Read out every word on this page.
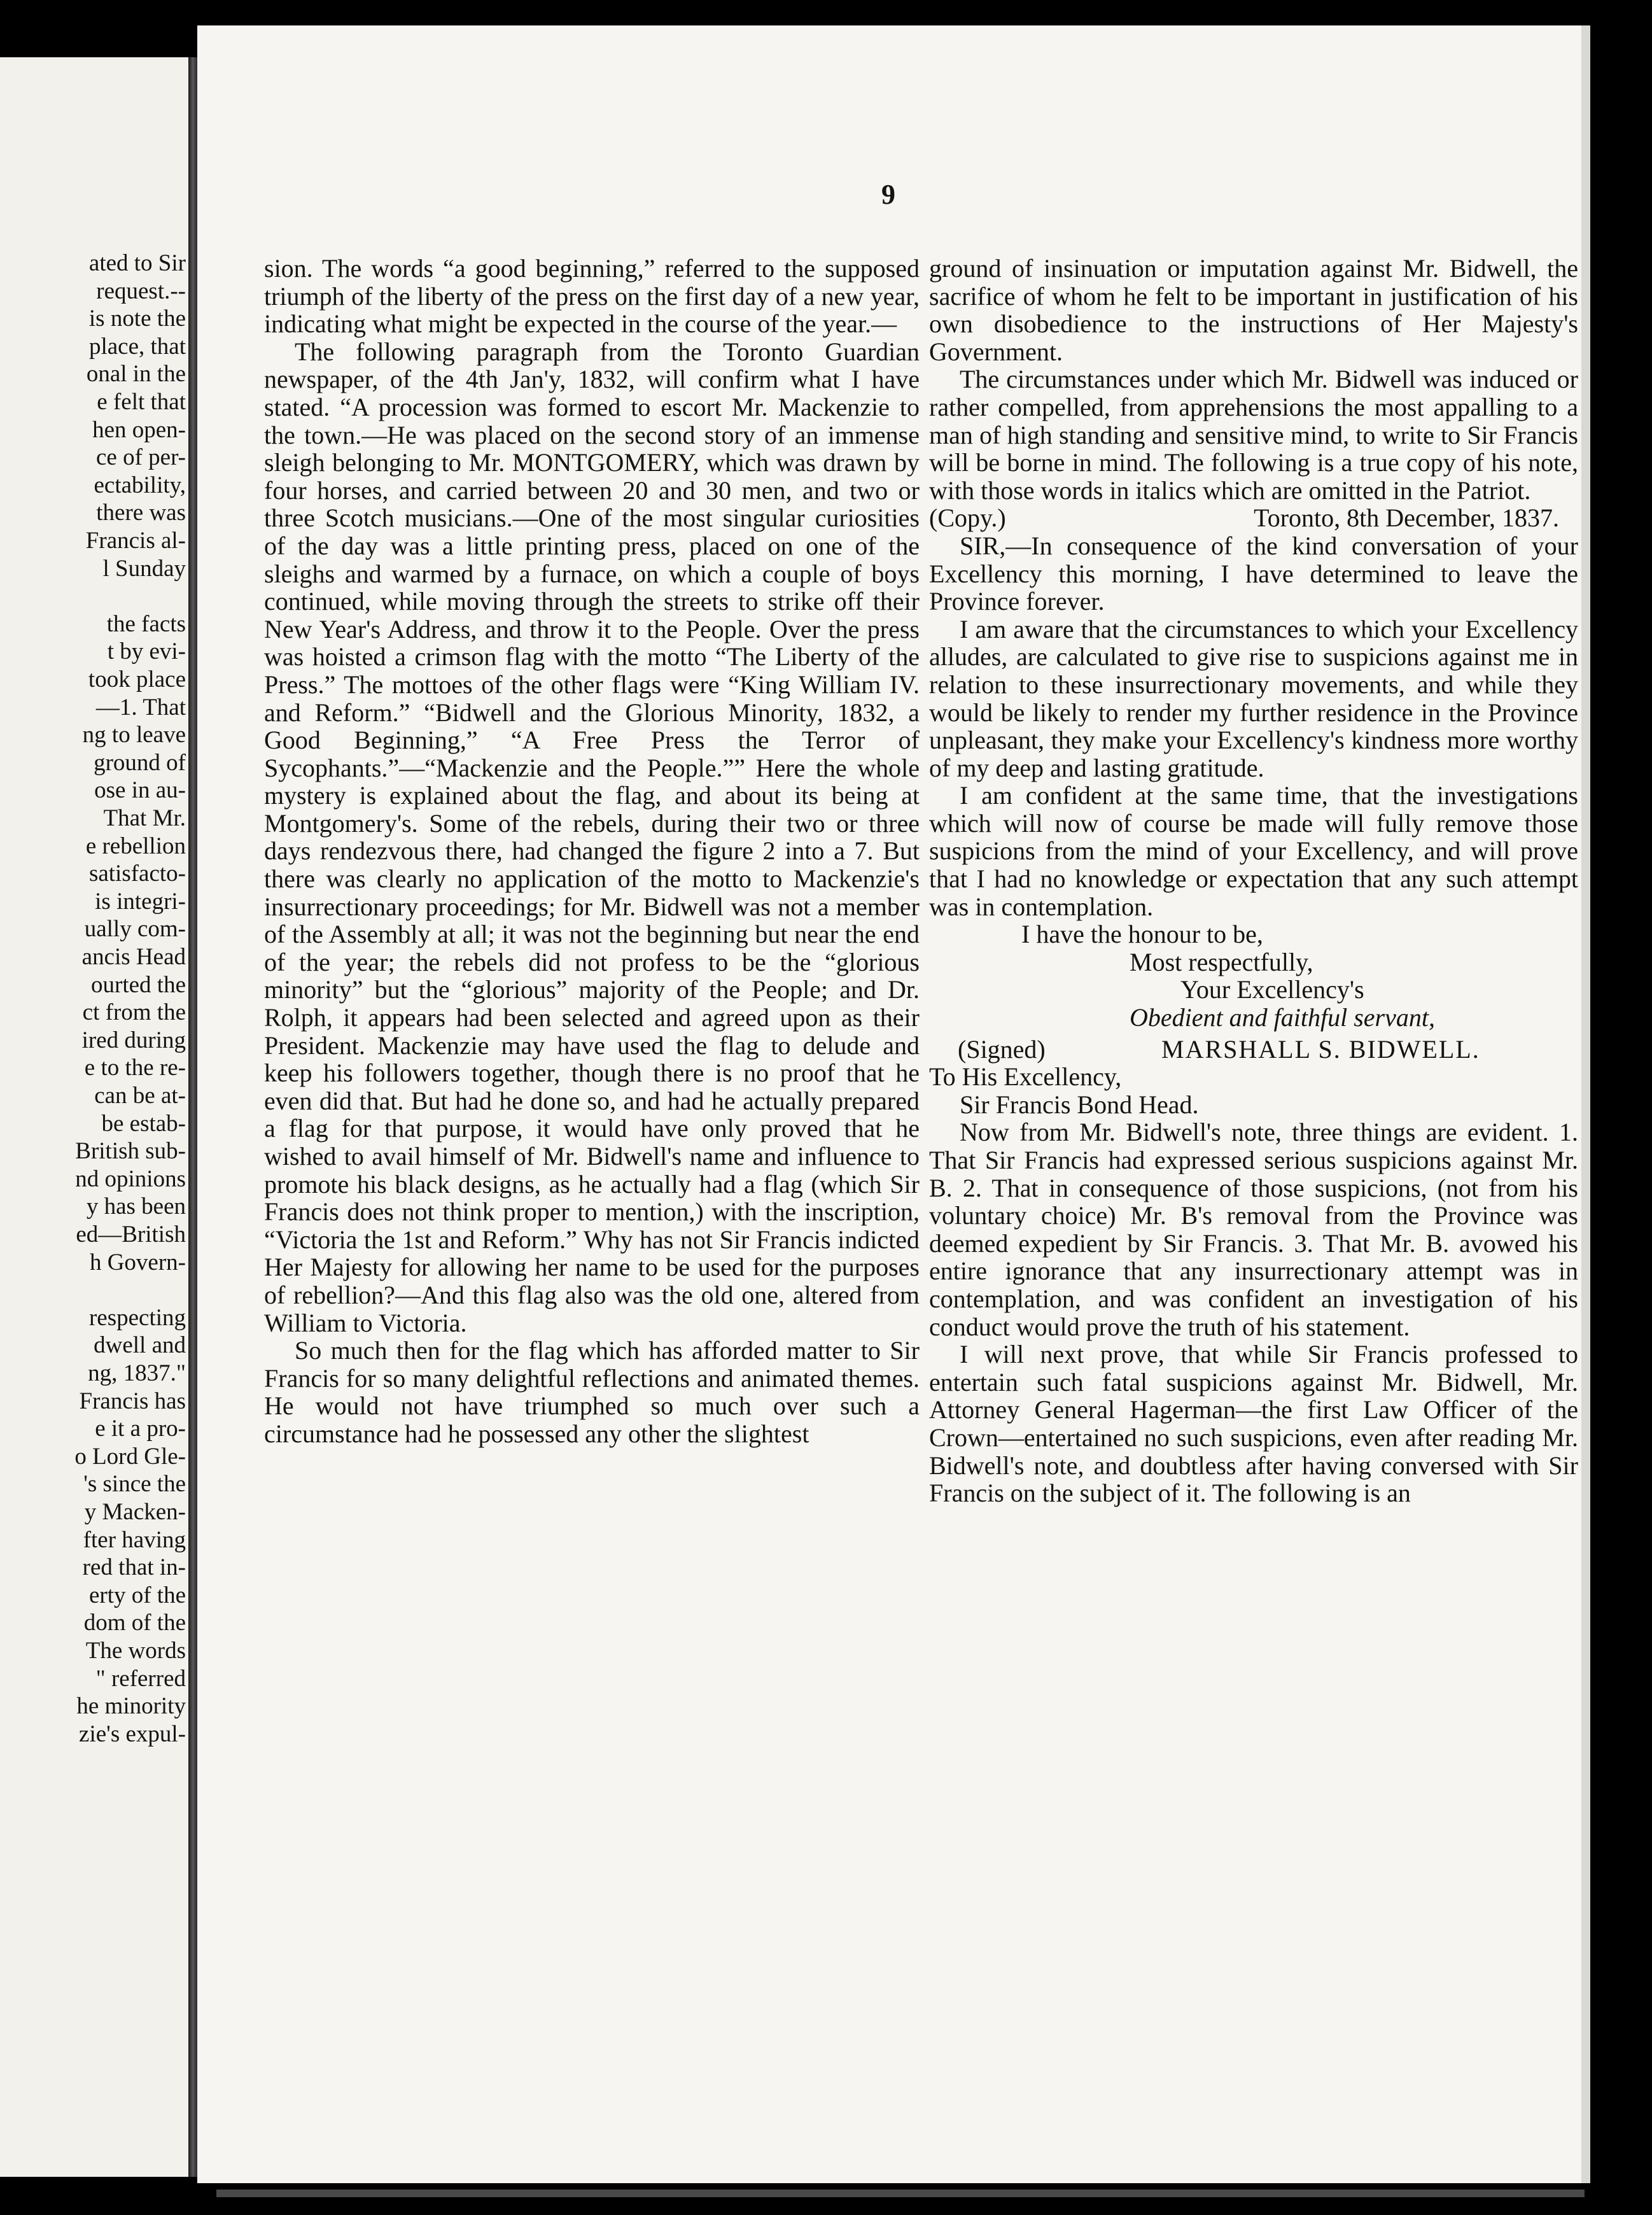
ated to Sir
request.--
is note the
place, that
onal in the
e felt that
hen open-
ce of per-
ectability,
there was
Francis al-
l Sunday
the facts
t by evi-
took place
—1. That
ng to leave
ground of
ose in au-
That Mr.
e rebellion
satisfacto-
is integri-
ually com-
ancis Head
ourted the
ct from the
ired during
e to the re-
can be at-
be estab-
British sub-
nd opinions
y has been
ed—British
h Govern-
respecting
dwell and
ng, 1837."
Francis has
e it a pro-
o Lord Gle-
's since the
y Macken-
fter having
red that in-
erty of the
dom of the
The words
" referred
he minority
zie's expul-
9

sion. The words “a good beginning,” referred to the supposed triumph of the liberty of the press on the first day of a new year, indicating what might be expected in the course of the year.—

The following paragraph from the Toronto Guardian newspaper, of the 4th Jan'y, 1832, will confirm what I have stated. “A procession was formed to escort Mr. Mackenzie to the town.—He was placed on the second story of an immense sleigh belonging to Mr. MONTGOMERY, which was drawn by four horses, and carried between 20 and 30 men, and two or three Scotch musicians.—One of the most singular curiosities of the day was a little printing press, placed on one of the sleighs and warmed by a furnace, on which a couple of boys continued, while moving through the streets to strike off their New Year's Address, and throw it to the People. Over the press was hoisted a crimson flag with the motto “The Liberty of the Press.” The mottoes of the other flags were “King William IV. and Reform.” “Bidwell and the Glorious Minority, 1832, a Good Beginning,” “A Free Press the Terror of Sycophants.”—“Mackenzie and the People.”” Here the whole mystery is explained about the flag, and about its being at Montgomery's. Some of the rebels, during their two or three days rendezvous there, had changed the figure 2 into a 7. But there was clearly no application of the motto to Mackenzie's insurrectionary proceedings; for Mr. Bidwell was not a member of the Assembly at all; it was not the beginning but near the end of the year; the rebels did not profess to be the “glorious minority” but the “glorious” majority of the People; and Dr. Rolph, it appears had been selected and agreed upon as their President. Mackenzie may have used the flag to delude and keep his followers together, though there is no proof that he even did that. But had he done so, and had he actually prepared a flag for that purpose, it would have only proved that he wished to avail himself of Mr. Bidwell's name and influence to promote his black designs, as he actually had a flag (which Sir Francis does not think proper to mention,) with the inscription, “Victoria the 1st and Reform.” Why has not Sir Francis indicted Her Majesty for allowing her name to be used for the purposes of rebellion?—And this flag also was the old one, altered from William to Victoria.

So much then for the flag which has afforded matter to Sir Francis for so many delightful reflections and animated themes. He would not have triumphed so much over such a circumstance had he possessed any other the slightest

ground of insinuation or imputation against Mr. Bidwell, the sacrifice of whom he felt to be important in justification of his own disobedience to the instructions of Her Majesty's Government.

The circumstances under which Mr. Bidwell was induced or rather compelled, from apprehensions the most appalling to a man of high standing and sensitive mind, to write to Sir Francis will be borne in mind. The following is a true copy of his note, with those words in italics which are omitted in the Patriot.

(Copy.)	Toronto, 8th December, 1837.

SIR,—In consequence of the kind conversation of your Excellency this morning, I have determined to leave the Province forever.

I am aware that the circumstances to which your Excellency alludes, are calculated to give rise to suspicions against me in relation to these insurrectionary movements, and while they would be likely to render my further residence in the Province unpleasant, they make your Excellency's kindness more worthy of my deep and lasting gratitude.

I am confident at the same time, that the investigations which will now of course be made will fully remove those suspicions from the mind of your Excellency, and will prove that I had no knowledge or expectation that any such attempt was in contemplation.

I have the honour to be,
Most respectfully,
Your Excellency's
Obedient and faithful servant,
(Signed)	MARSHALL S. BIDWELL.
To His Excellency,
Sir Francis Bond Head.

Now from Mr. Bidwell's note, three things are evident. 1. That Sir Francis had expressed serious suspicions against Mr. B. 2. That in consequence of those suspicions, (not from his voluntary choice) Mr. B's removal from the Province was deemed expedient by Sir Francis. 3. That Mr. B. avowed his entire ignorance that any insurrectionary attempt was in contemplation, and was confident an investigation of his conduct would prove the truth of his statement.

I will next prove, that while Sir Francis professed to entertain such fatal suspicions against Mr. Bidwell, Mr. Attorney General Hagerman—the first Law Officer of the Crown—entertained no such suspicions, even after reading Mr. Bidwell's note, and doubtless after having conversed with Sir Francis on the subject of it. The following is an
